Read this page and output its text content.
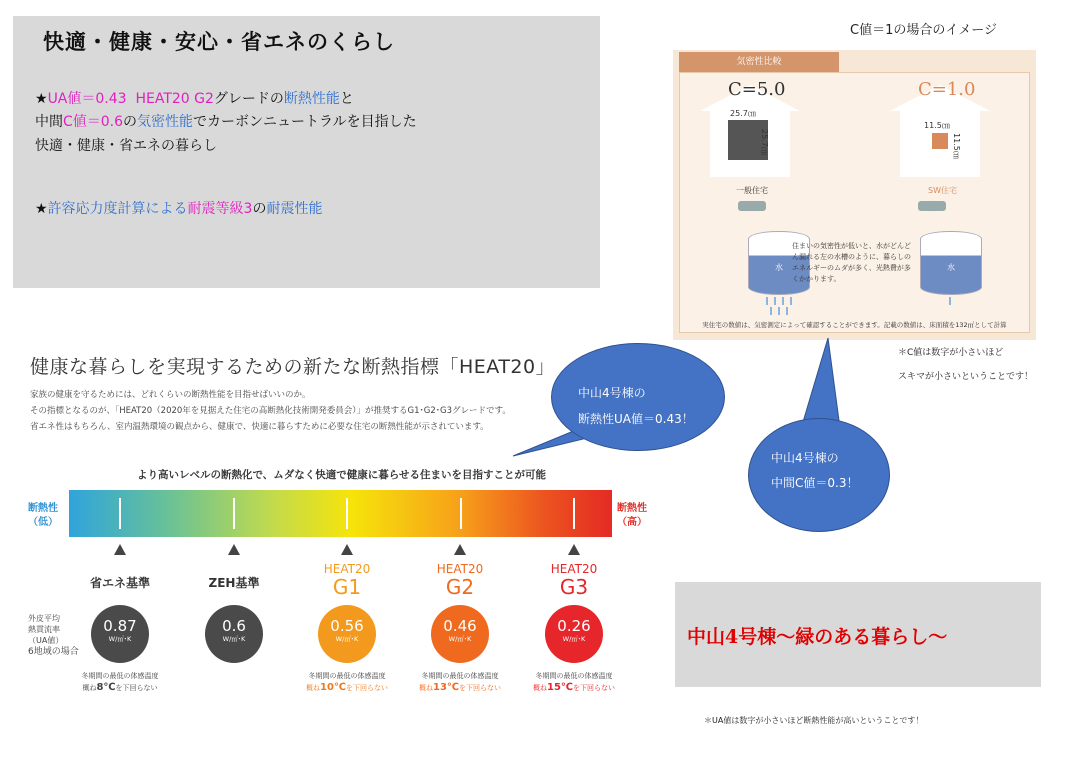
快適・健康・安心・省エネのくらし
★UA値＝0.43 HEAT20 G2グレードの断熱性能と
中間C値＝0.6の気密性能でカーボンニュートラルを目指した
快適・健康・省エネの暮らし
★許容応力度計算による耐震等級3の耐震性能
C値＝1の場合のイメージ
気密性比較
C=5.0
25.7㎝
25.7㎝
一般住宅
C=1.0
11.5㎝
11.5㎝
SW住宅
水	水
住まいの気密性が低いと、水がどんどん漏れる左の水槽のように、暮らしのエネルギーのムダが多く、光熱費が多くかかります。
実住宅の数値は、気密測定によって確認することができます。記載の数値は、床面積を132㎡として計算
＊C値は数字が小さいほど
スキマが小さいということです！
健康な暮らしを実現するための新たな断熱指標「HEAT20」
家族の健康を守るためには、どれくらいの断熱性能を目指せばいいのか。
その指標となるのが、「HEAT20（2020年を見据えた住宅の高断熱化技術開発委員会）」が推奨するG1･G2･G3グレードです。
省エネ性はもちろん、室内温熱環境の観点から、健康で、快適に暮らすために必要な住宅の断熱性能が示されています。
より高いレベルの断熱化で、ムダなく快適で健康に暮らせる住まいを目指すことが可能
断熱性
（低）
断熱性
（高）
外皮平均
熱貫流率
（UA値）
6地域の場合
省エネ基準
0.87
W/㎡･K
冬期間の最低の体感温度
概ね8℃を下回らない
ZEH基準
0.6
W/㎡･K
HEAT20
G1
0.56
W/㎡･K
冬期間の最低の体感温度
概ね10℃を下回らない
HEAT20
G2
0.46
W/㎡･K
冬期間の最低の体感温度
概ね13℃を下回らない
HEAT20
G3
0.26
W/㎡･K
冬期間の最低の体感温度
概ね15℃を下回らない
中山4号棟の
断熱性UA値＝0.43！
中山4号棟の
中間C値＝0.3！
中山4号棟～緑のある暮らし～
＊UA値は数字が小さいほど断熱性能が高いということです！
